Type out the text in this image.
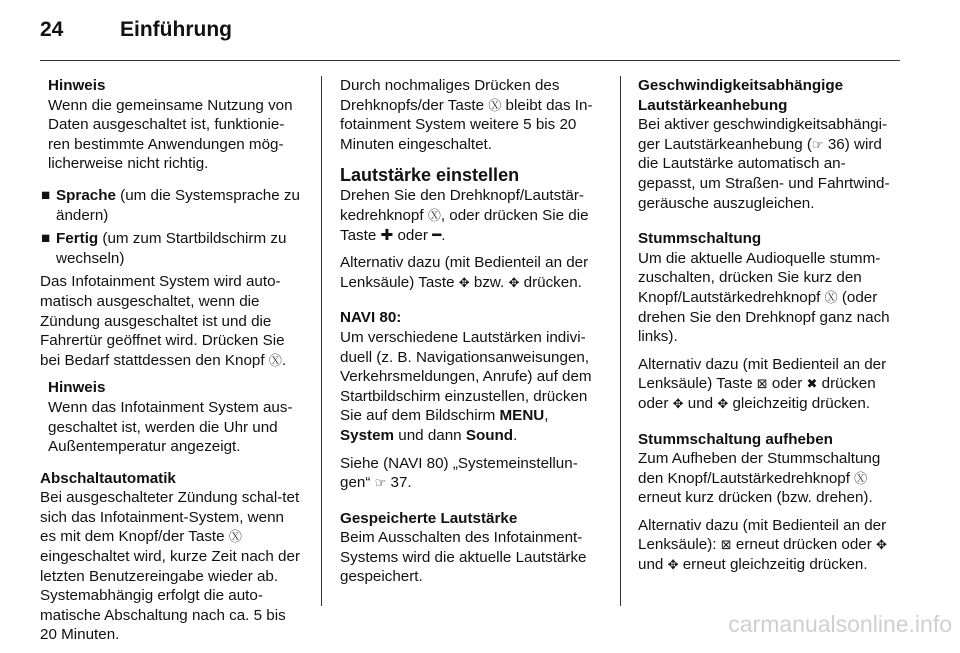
24	Einführung
Hinweis
Wenn die gemeinsame Nutzung von Daten ausgeschaltet ist, funktionie-ren bestimmte Anwendungen mög-licherweise nicht richtig.
■ Sprache (um die Systemsprache zu ändern)
■ Fertig (um zum Startbildschirm zu wechseln)

Das Infotainment System wird auto-matisch ausgeschaltet, wenn die Zündung ausgeschaltet ist und die Fahrertür geöffnet wird. Drücken Sie bei Bedarf stattdessen den Knopf Ⓧ.

Hinweis
Wenn das Infotainment System aus-geschaltet ist, werden die Uhr und Außentemperatur angezeigt.

Abschaltautomatik
Bei ausgeschalteter Zündung schal-tet sich das Infotainment-System, wenn es mit dem Knopf/der Taste Ⓧ eingeschaltet wird, kurze Zeit nach der letzten Benutzereingabe wieder ab. Systemabhängig erfolgt die auto-matische Abschaltung nach ca. 5 bis 20 Minuten.

Durch nochmaliges Drücken des Drehknopfs/der Taste Ⓧ bleibt das In-fotainment System weitere 5 bis 20 Minuten eingeschaltet.

Lautstärke einstellen

Drehen Sie den Drehknopf/Lautstär-kedrehknopf Ⓧ, oder drücken Sie die Taste ✚ oder ━.

Alternativ dazu (mit Bedienteil an der Lenksäule) Taste ✥ bzw. ✥ drücken.

NAVI 80:
Um verschiedene Lautstärken indivi-duell (z. B. Navigationsanweisungen, Verkehrsmeldungen, Anrufe) auf dem Startbildschirm einzustellen, drücken Sie auf dem Bildschirm MENU, System und dann Sound.

Siehe (NAVI 80) „Systemeinstellun-gen“ ☞ 37.

Gespeicherte Lautstärke
Beim Ausschalten des Infotainment-Systems wird die aktuelle Lautstärke gespeichert.

Geschwindigkeitsabhängige Lautstärkeanhebung
Bei aktiver geschwindigkeitsabhängi-ger Lautstärkeanhebung (☞ 36) wird die Lautstärke automatisch an-gepasst, um Straßen- und Fahrtwind-geräusche auszugleichen.

Stummschaltung
Um die aktuelle Audioquelle stumm-zuschalten, drücken Sie kurz den Knopf/Lautstärkedrehknopf Ⓧ (oder drehen Sie den Drehknopf ganz nach links).

Alternativ dazu (mit Bedienteil an der Lenksäule) Taste ⊠ oder ✖ drücken oder ✥ und ✥ gleichzeitig drücken.

Stummschaltung aufheben
Zum Aufheben der Stummschaltung den Knopf/Lautstärkedrehknopf Ⓧ erneut kurz drücken (bzw. drehen).

Alternativ dazu (mit Bedienteil an der Lenksäule): ⊠ erneut drücken oder ✥ und ✥ erneut gleichzeitig drücken.

carmanualsonline.info
